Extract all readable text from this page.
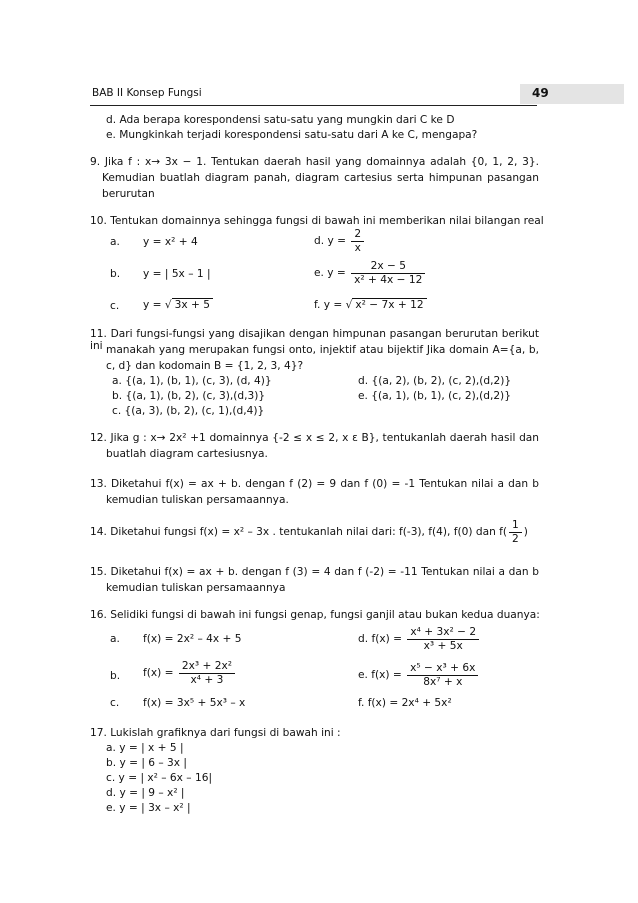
BAB II Konsep Fungsi	49
d. Ada berapa korespondensi satu-satu yang mungkin dari C ke D
e. Mungkinkah terjadi korespondensi satu-satu dari A ke C, mengapa?
9. Jika f : x→ 3x − 1. Tentukan daerah hasil yang domainnya adalah {0, 1, 2, 3}.
Kemudian buatlah diagram panah, diagram cartesius serta himpunan pasangan
berurutan
10. Tentukan domainnya sehingga fungsi di bawah ini memberikan nilai bilangan real
a. y = x² + 4
b. y = | 5x – 1 |
c. y = √ 3x + 5
d. $y = \frac{2}{x}$
e. $y = \frac{2x - 5}{\text{x² + 4x − 12}}$
f. y = √ x² − 7x + 12
11. Dari fungsi-fungsi yang disajikan dengan himpunan pasangan berurutan berikut ini manakah yang merupakan fungsi onto, injektif atau bijektif Jika domain A={a, b,
c, d} dan kodomain B = {1, 2, 3, 4}?
a. {(a, 1), (b, 1), (c, 3), (d, 4)}
b. {(a, 1), (b, 2), (c, 3),(d,3)}
c. {(a, 3), (b, 2), (c, 1),(d,4)}
d. {(a, 2), (b, 2), (c, 2),(d,2)}
e. {(a, 1), (b, 1), (c, 2),(d,2)}
12. Jika g : x→ 2x² +1 domainnya {-2 ≤ x ≤ 2, x ε B}, tentukanlah daerah hasil dan
buatlah diagram cartesiusnya.
13. Diketahui f(x) = ax + b. dengan f (2) = 9 dan f (0) = -1 Tentukan nilai a dan b
kemudian tuliskan persamaannya.
14. Diketahui fungsi f(x) = x² – 3x . tentukanlah nilai dari: f(-3), f(4), f(0) dan $f( \frac{1}{2}$ )
15. Diketahui f(x) = ax + b. dengan f (3) = 4 dan f (-2) = -11 Tentukan nilai a dan b
kemudian tuliskan persamaannya
16. Selidiki fungsi di bawah ini fungsi genap, fungsi ganjil atau bukan kedua duanya:
a. f(x) = 2x² – 4x + 5
b. $f(x) = \frac{\text{2x³ + 2x²}}{\text{x⁴ + 3}}$
c. f(x) = 3x⁵ + 5x³ – x
d. $f(x) = \frac{\text{x⁴ + 3x² − 2}}{\text{x³ + 5x}}$
e. $f(x) = \frac{\text{x⁵ − x³ + 6x}}{\text{8x⁷ + x}}$
f. f(x) = 2x⁴ + 5x²
17. Lukislah grafiknya dari fungsi di bawah ini :
a. y = | x + 5 |
b. y = | 6 – 3x |
c. y = | x² – 6x – 16|
d. y = | 9 – x² |
e. y = | 3x – x² |
